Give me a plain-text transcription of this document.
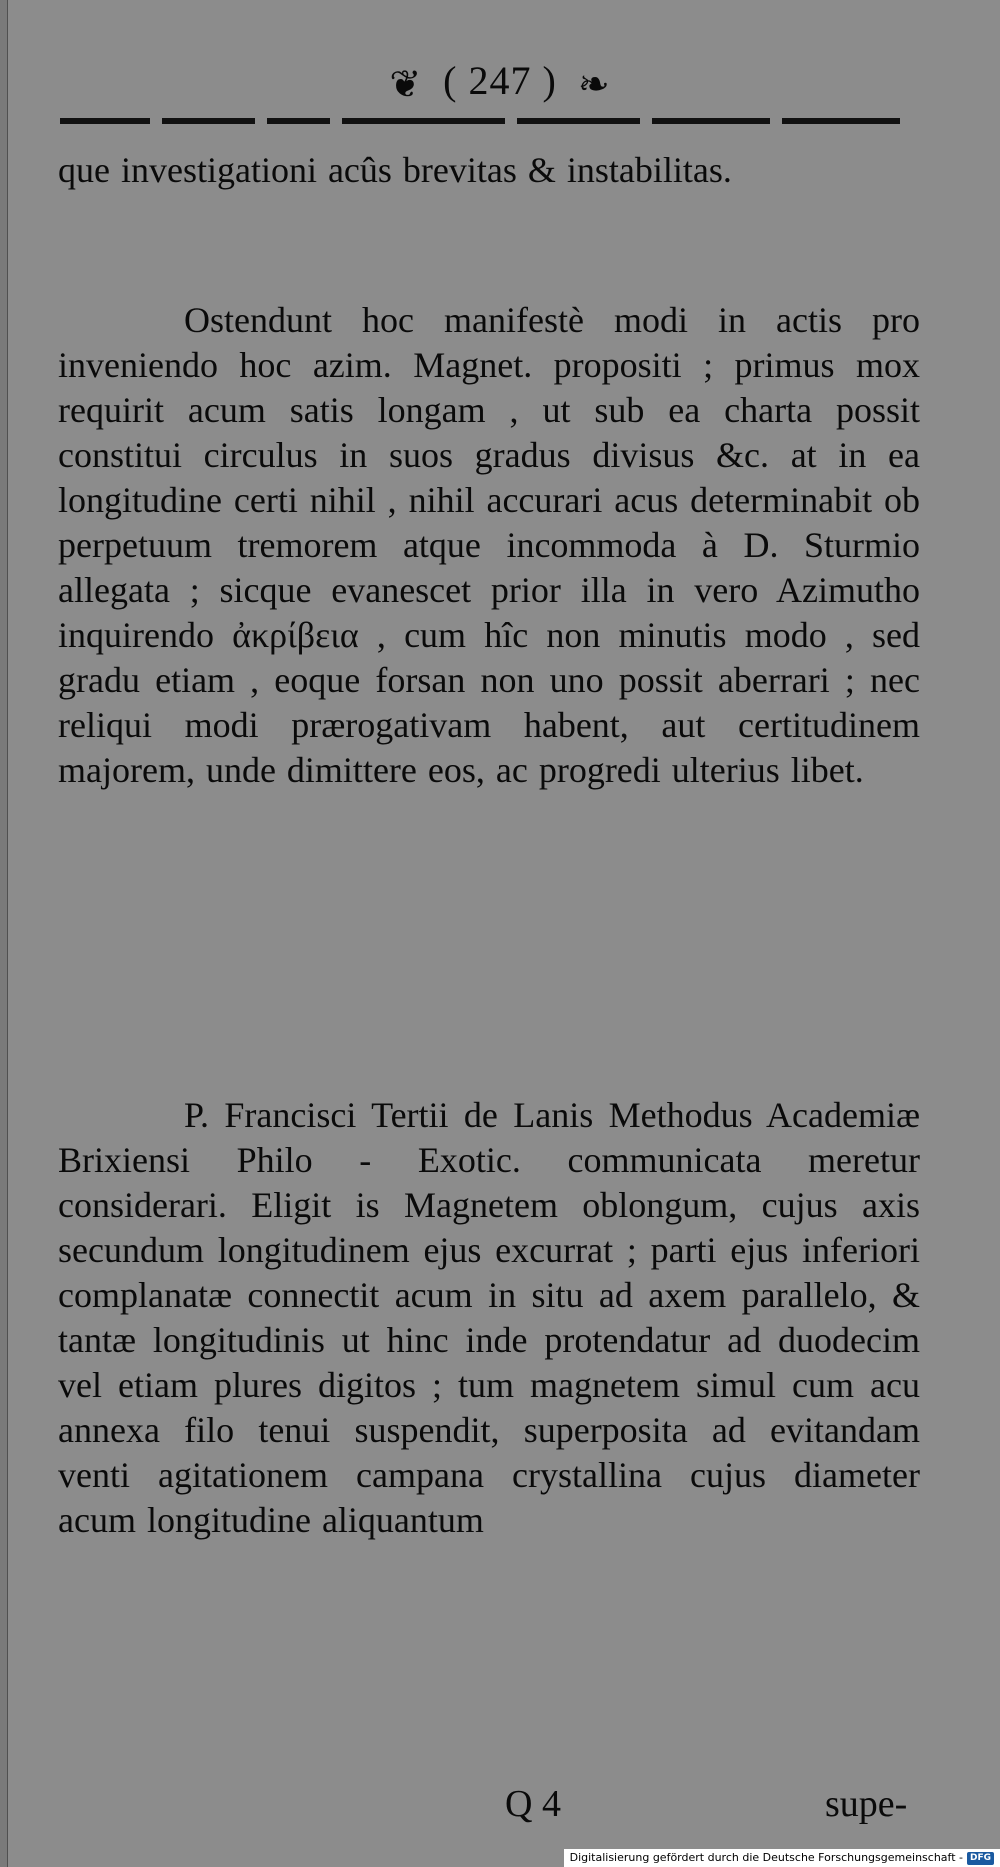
❦ ( 247 ) ❧

que investigationi acûs brevitas & instabilitas.

Ostendunt hoc manifestè modi in actis pro inveniendo hoc azim. Magnet. propositi ; primus mox requirit acum satis longam , ut sub ea charta possit constitui circulus in suos gradus divisus &c. at in ea longitudine certi nihil , nihil accurari acus determinabit ob perpetuum tremorem atque incommoda à D. Sturmio allegata ; sicque evanescet prior illa in vero Azimutho inquirendo ἀκρίβεια , cum hîc non minutis modo , sed gradu etiam , eoque forsan non uno possit aberrari ; nec reliqui modi prærogativam habent, aut certitudinem majorem, unde dimittere eos, ac progredi ulterius libet.

P. Francisci Tertii de Lanis Methodus Academiæ Brixiensi Philo - Exotic. communicata meretur considerari. Eligit is Magnetem oblongum, cujus axis secundum longitudinem ejus excurrat ; parti ejus inferiori complanatæ connectit acum in situ ad axem parallelo, & tantæ longitudinis ut hinc inde protendatur ad duodecim vel etiam plures digitos ; tum magnetem simul cum acu annexa filo tenui suspendit, superposita ad evitandam venti agitationem campana crystallina cujus diameter acum longitudine aliquantum

Q 4	supe-
Digitalisierung gefördert durch die Deutsche Forschungsgemeinschaft - DFG
